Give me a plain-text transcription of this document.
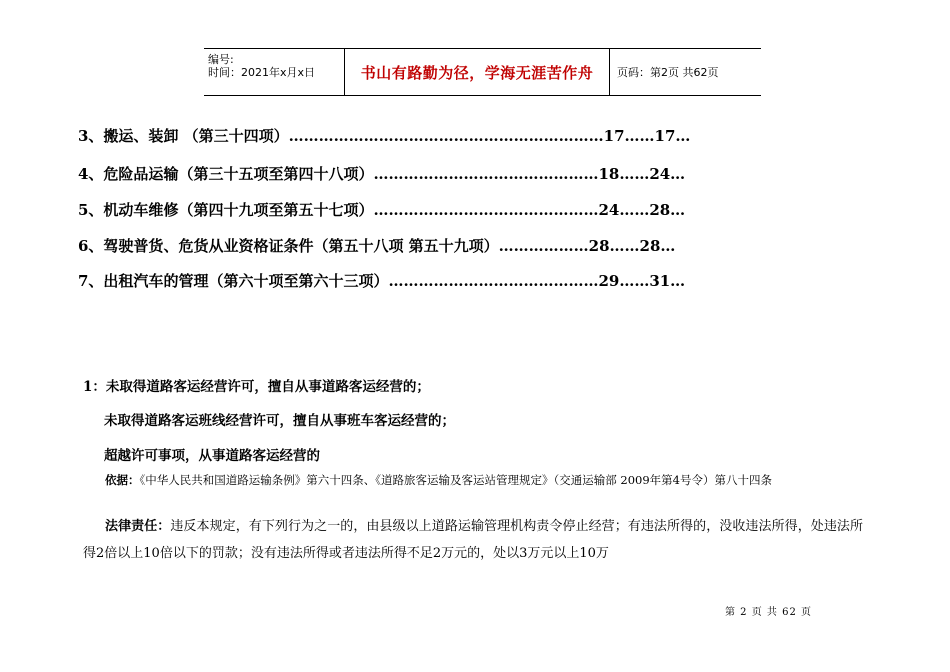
编号:
时间：2021年x月x日	书山有路勤为径，学海无涯苦作舟	页码：第2页 共62页
3、搬运、装卸 （第三十四项）………………………………………………………17……17…
4、危险品运输（第三十五项至第四十八项）………………………………………18……24…
5、机动车维修（第四十九项至第五十七项）………………………………………24……28…
6、驾驶普货、危货从业资格证条件（第五十八项 第五十九项）………………28……28…
7、出租汽车的管理（第六十项至第六十三项）……………………………………29……31…
1：未取得道路客运经营许可，擅自从事道路客运经营的；
未取得道路客运班线经营许可，擅自从事班车客运经营的；
超越许可事项，从事道路客运经营的
依据：《中华人民共和国道路运输条例》第六十四条、《道路旅客运输及客运站管理规定》（交通运输部 2009年第4号令）第八十四条
法律责任：违反本规定，有下列行为之一的，由县级以上道路运输管理机构责令停止经营；有违法所得的，没收违法所得，处违法所得2倍以上10倍以下的罚款；没有违法所得或者违法所得不足2万元的，处以3万元以上10万
第 2 页 共 62 页
